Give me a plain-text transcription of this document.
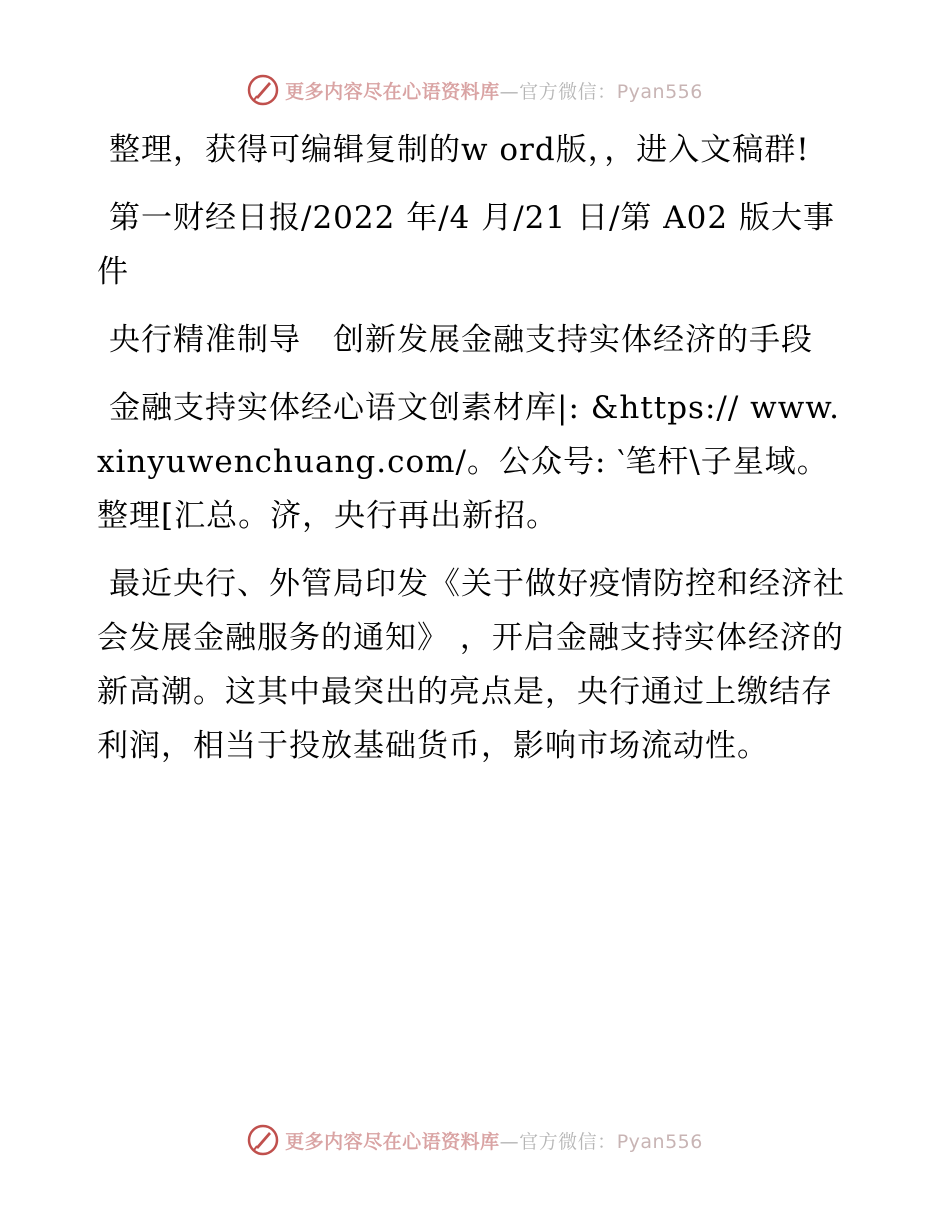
更多内容尽在心语资料库—官方微信：Pyan556

整理，获得可编辑复制的w ord版，，进入文稿群!

第一财经日报/2022 年/4 月/21 日/第 A02 版大事件

央行精准制导　创新发展金融支持实体经济的手段

金融支持实体经心语文创素材库|: &https:// www.xinyuwenchuang.com/。公众号: ‵笔杆\子星域。整理[汇总。济，央行再出新招。

最近央行、外管局印发《关于做好疫情防控和经济社会发展金融服务的通知》 ，开启金融支持实体经济的新高潮。这其中最突出的亮点是，央行通过上缴结存利润，相当于投放基础货币，影响市场流动性。

更多内容尽在心语资料库—官方微信：Pyan556
